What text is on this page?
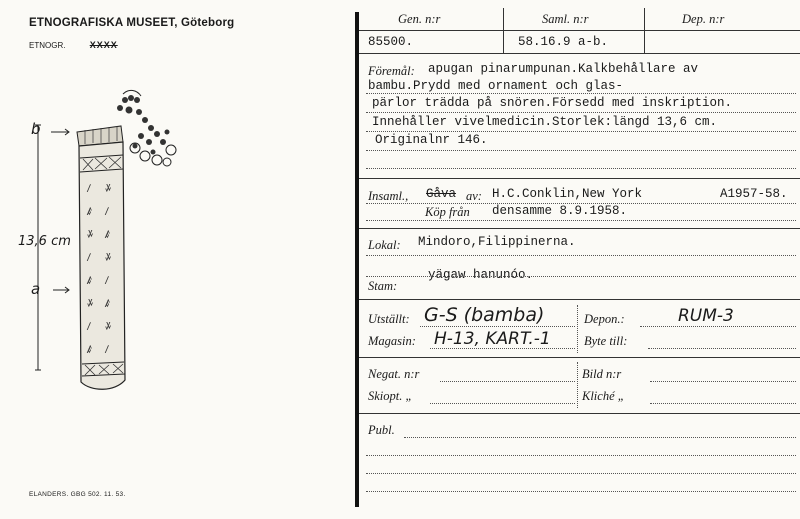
ETNOGRAFISKA MUSEET, Göteborg
ETNOGR.	XXXX
ꤷ ꤸ
ꤹ ꤷ
ꤸ ꤹ
ꤷ ꤸ
ꤹ ꤷ
ꤸ ꤹ
ꤷ ꤸ
ꤹ ꤷ
b
13,6 cm
a
ELANDERS. GBG 502. 11. 53.
Gen. n:r	Saml. n:r	Dep. n:r
85500.	58.16.9 a-b.
Föremål: apugan pinarumpunan.Kalkbehållare av
bambu.Prydd med ornament och glas-
pärlor trädda på snören.Försedd med inskription.
Innehåller vivelmedicin.Storlek:längd 13,6 cm.
Originalnr 146.
Insaml., Gåva av: H.C.Conklin,New York	A1957-58.
Köp från densamme 8.9.1958.
Lokal: Mindoro,Filippinerna.
yägaw hanunóo.
Stam:
Utställt: G-S (bamba)
Magasin: H-13, KART.-1
Depon.:	RUM-3
Byte till:
Negat. n:r	Bild n:r
Skiopt. „	Kliché „
Publ.
